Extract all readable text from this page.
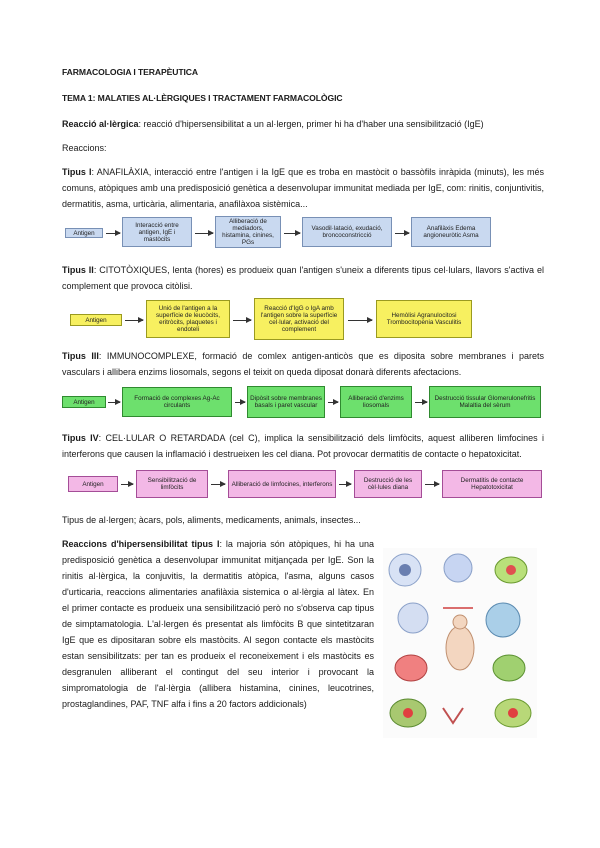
FARMACOLOGIA I TERAPÈUTICA
TEMA 1: MALATIES AL·LÈRGIQUES I TRACTAMENT FARMACOLÒGIC
Reacció al·lèrgica: reacció d'hipersensibilitat a un al·lergen, primer hi ha d'haber una sensibilització (IgE)
Reaccions:
Tipus I: ANAFILÀXIA, interacció entre l'antigen i la IgE que es troba en mastòcit o bassòfils inràpida (minuts), les més comuns, atòpiques amb una predisposició genètica a desenvolupar immunitat mediada per IgE, com: rinitis, conjuntivitis, dermatitis, asma, urticària, alimentaria, anafilàxoa sistèmica...
Antigen
Interacció entre antigen, IgE i mastòcits
Alliberació de mediadors, histamina, cinines, PGs
Vasodil·latació, exudació, broncoconstricció
Anafilàxis Edema angioneuròtic Asma
Tipus II: CITOTÒXIQUES, lenta (hores) es produeix quan l'antigen s'uneix a diferents tipus cel·lulars, llavors s'activa el complement que provoca citòlisi.
Antigen
Unió de l'antigen a la superfície de leucòcits, eritròcits, plaquetes i endoteli
Reacció d'IgG o IgA amb l'antigen sobre la superfície cel·lular, activació del complement
Hemòlisi Agranulocitosi Trombocitopènia Vasculitis
Tipus III: IMMUNOCOMPLEXE, formació de comlex antigen-anticòs que es diposita sobre membranes i parets vasculars i allibera enzims liosomals, segons el teixit on queda diposat donarà diferents afectacions.
Antigen	Formació de complexes Ag-Ac circulants
Dipòsit sobre membranes basals i paret vascular
Alliberació d'enzims liosomals
Destrucció tissular Glomerulonefritis Malaltia del sèrum
Tipus IV: CEL·LULAR O RETARDADA (cel C), implica la sensibilització dels limfòcits, aquest alliberen limfocines i interferons que causen la inflamació i destrueixen les cel diana. Pot provocar dermatitis de contacte o hepatoxicitat.
Antigen	Sensibilització de limfòcits	Alliberació de limfocines, interferons	Destrucció de les cèl·lules diana
Dermatitis de contacte Hepatotoxicitat
Tipus de al·lergen; àcars, pols, aliments, medicaments, animals, insectes...
Reaccions d'hipersensibilitat tipus I: la majoria són atòpiques, hi ha una predisposició genètica a desenvolupar immunitat mitjançada per IgE. Son la rinitis al·lèrgica, la conjuvitis, la dermatitis atòpica, l'asma, alguns casos d'urticaria, reaccions alimentaries anafilàxia sistemica o al·lèrgia al làtex. En el primer contacte es produeix una sensibilització però no s'observa cap tipus de simptamatologia. L'al·lergen és presentat als limfòcits B que sintetitzaran IgE que es dipositaran sobre els mastòcits. Al segon contacte els mastòcits estan sensibilitzats: per tan es produeix el reconeixement i els mastòcits es desgranulen alliberant el contingut del seu interior i provocant la simpromatologia de l'al·lèrgia (allibera histamina, cinines, leucotrines, prostaglandines, PAF, TNF alfa i fins a 20 factors addicionals)
